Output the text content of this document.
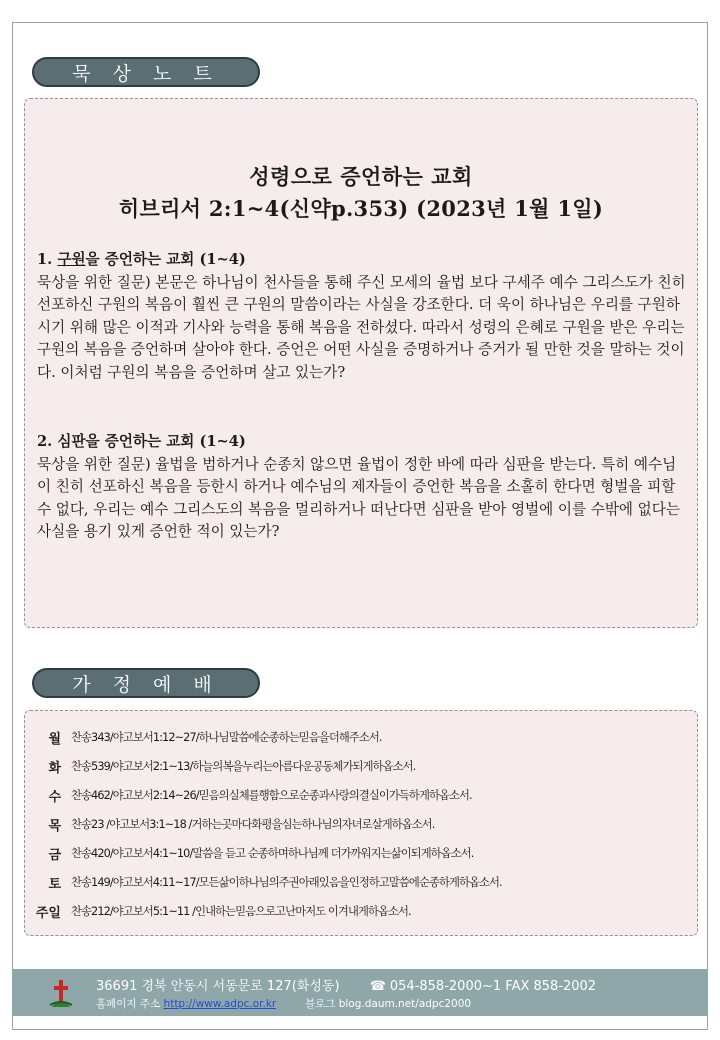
묵 상 노 트
성령으로 증언하는 교회
히브리서 2:1~4(신약p.353) (2023년 1월 1일)
1. 구원을 증언하는 교회 (1~4)
묵상을 위한 질문) 본문은 하나님이 천사들을 통해 주신 모세의 율법 보다 구세주 예수 그리스도가 친히 선포하신 구원의 복음이 훨씬 큰 구원의 말씀이라는 사실을 강조한다. 더 욱이 하나님은 우리를 구원하시기 위해 많은 이적과 기사와 능력을 통해 복음을 전하셨다. 따라서 성령의 은혜로 구원을 받은 우리는 구원의 복음을 증언하며 살아야 한다. 증언은 어떤 사실을 증명하거나 증거가 될 만한 것을 말하는 것이다. 이처럼 구원의 복음을 증언하며 살고 있는가?
2. 심판을 증언하는 교회 (1~4)
묵상을 위한 질문) 율법을 범하거나 순종치 않으면 율법이 정한 바에 따라 심판을 받는다. 특히 예수님이 친히 선포하신 복음을 등한시 하거나 예수님의 제자들이 증언한 복음을 소홀히 한다면 형벌을 피할 수 없다, 우리는 예수 그리스도의 복음을 멀리하거나 떠난다면 심판을 받아 영벌에 이를 수밖에 없다는 사실을 용기 있게 증언한 적이 있는가?
가 정 예 배
월 찬송343/야고보서1:12~27/하나님말씀에순종하는믿음을더해주소서.
화 찬송539/야고보서2:1~13/하늘의복을누리는아름다운공동체가되게하옵소서.
수 찬송462/야고보서2:14~26/믿음의실체를행함으로순종과사랑의결실이가득하게하옵소서.
목 찬송23 /야고보서3:1~18 /거하는곳마다화평을심는하나님의자녀로살게하옵소서.
금 찬송420/야고보서4:1~10/말씀을 듣고 순종하며하나님께 더가까워지는삶이되게하옵소서.
토 찬송149/야고보서4:11~17/모든삶이하나님의주권아래있음을인정하고말씀에순종하게하옵소서.
주일 찬송212/야고보서5:1~11 /인내하는믿음으로고난마저도 이겨내게하옵소서.
36691 경북 안동시 서동문로 127(화성동) ☎ 054-858-2000~1 FAX 858-2002
홈페이지 주소 http://www.adpc.or.kr	블로그 blog.daum.net/adpc2000
